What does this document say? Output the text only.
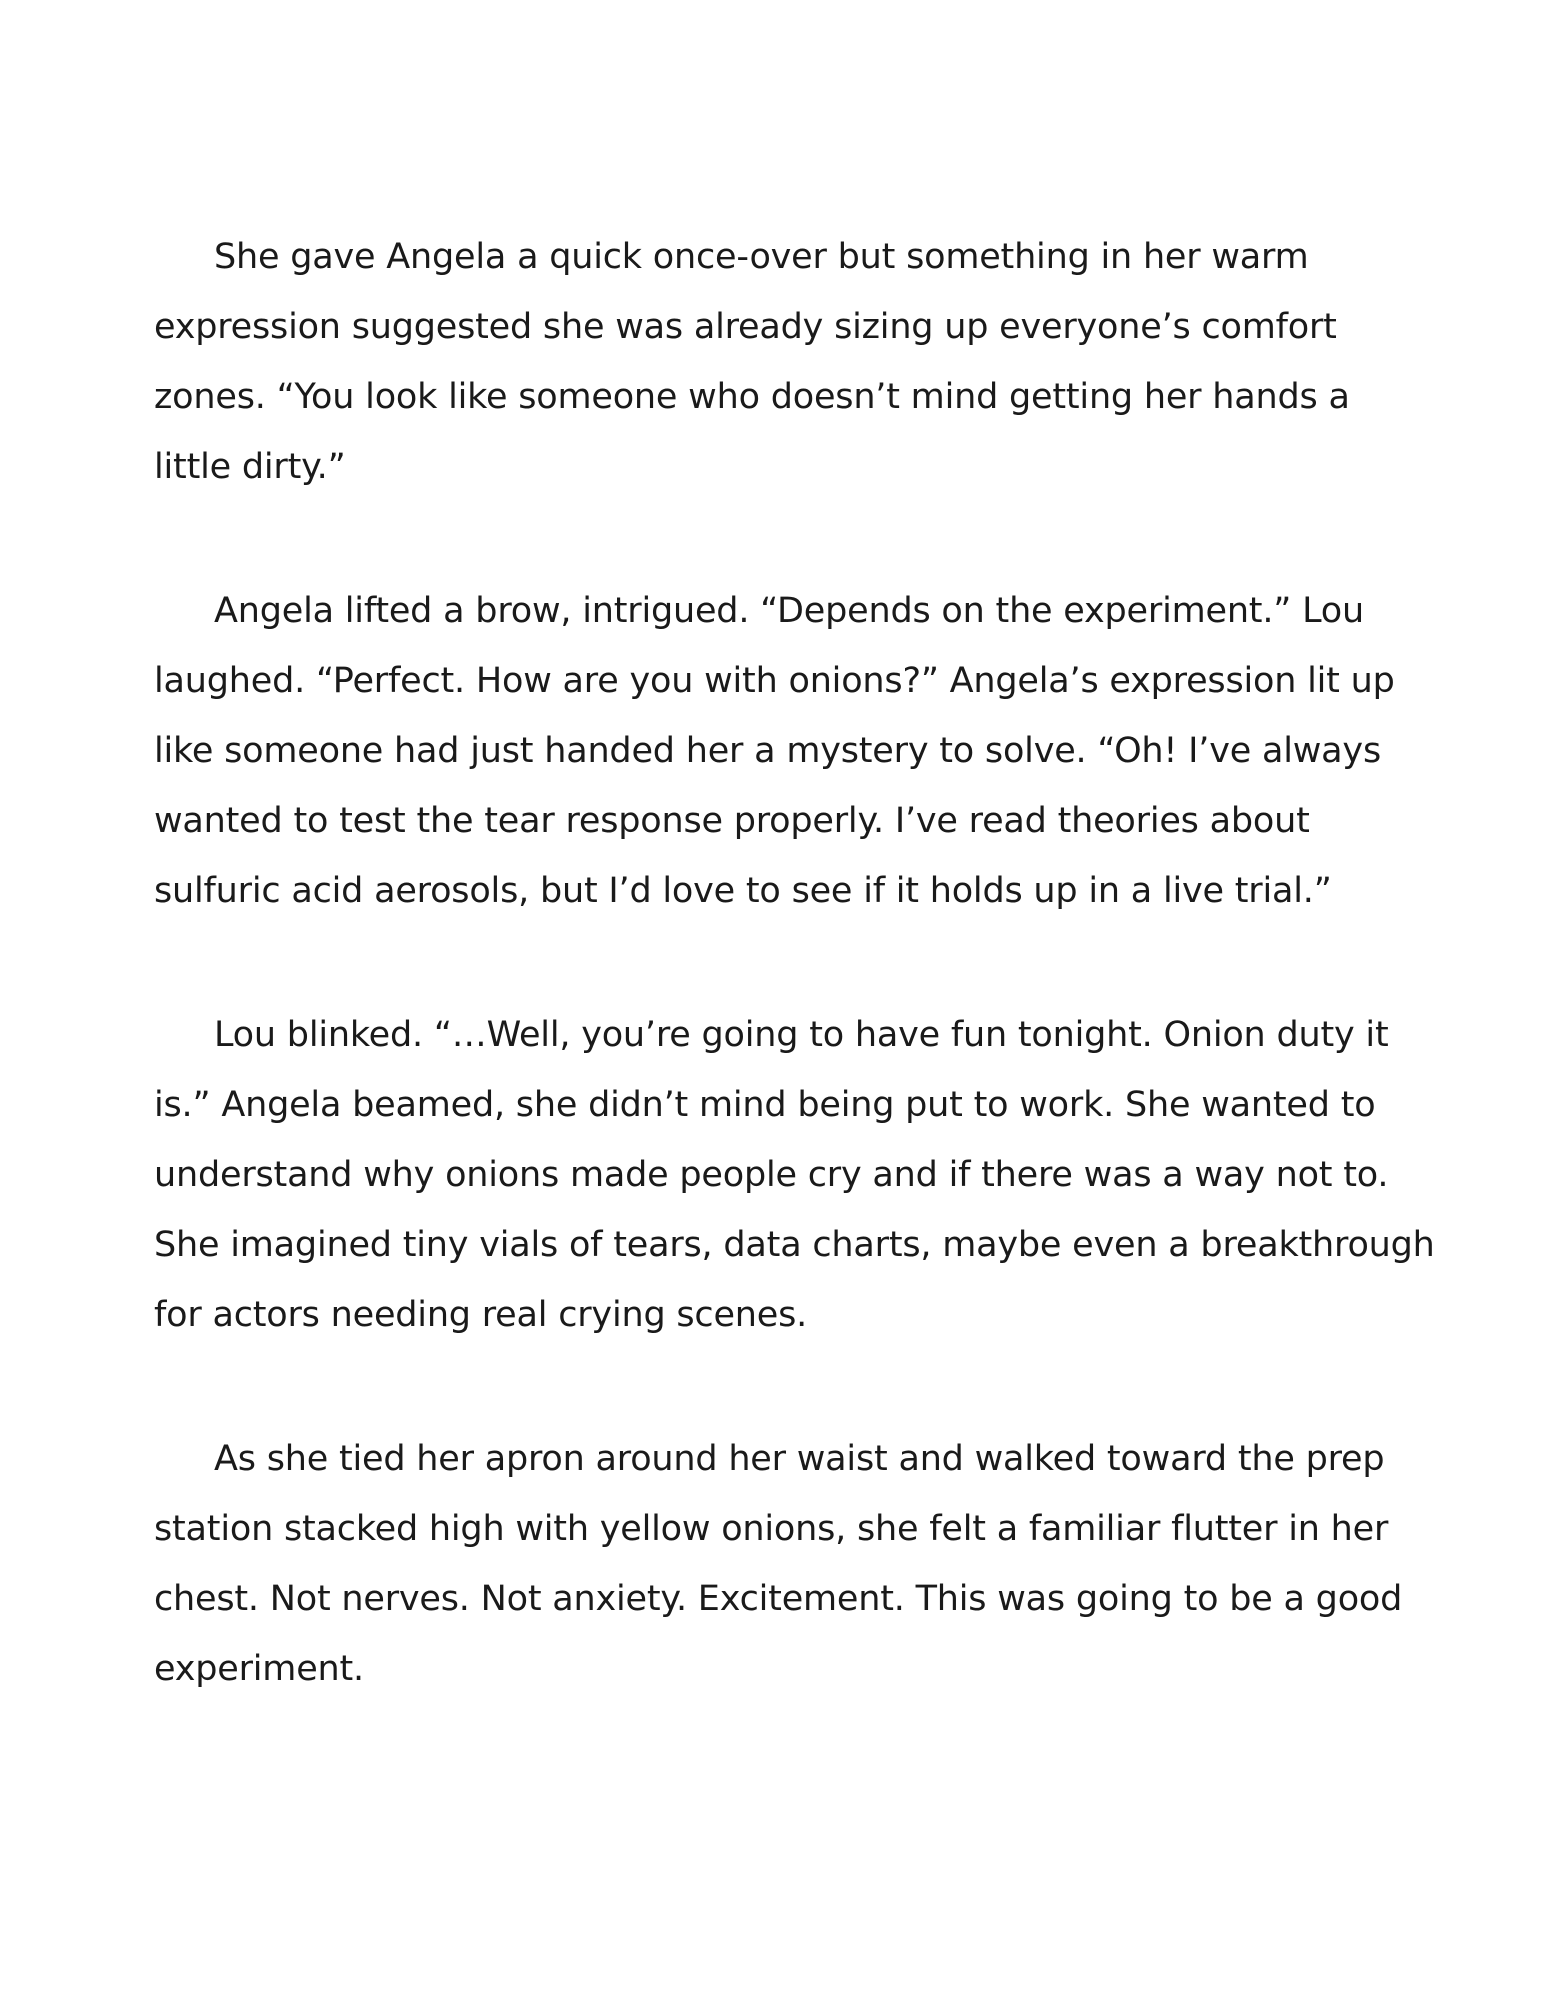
She gave Angela a quick once-over but something in her warm
expression suggested she was already sizing up everyone’s comfort
zones. “You look like someone who doesn’t mind getting her hands a
little dirty.”
Angela lifted a brow, intrigued. “Depends on the experiment.” Lou
laughed. “Perfect. How are you with onions?” Angela’s expression lit up
like someone had just handed her a mystery to solve. “Oh! I’ve always
wanted to test the tear response properly. I’ve read theories about
sulfuric acid aerosols, but I’d love to see if it holds up in a live trial.”
Lou blinked. “…Well, you’re going to have fun tonight. Onion duty it
is.” Angela beamed, she didn’t mind being put to work. She wanted to
understand why onions made people cry and if there was a way not to.
She imagined tiny vials of tears, data charts, maybe even a breakthrough
for actors needing real crying scenes.
As she tied her apron around her waist and walked toward the prep
station stacked high with yellow onions, she felt a familiar flutter in her
chest. Not nerves. Not anxiety. Excitement. This was going to be a good
experiment.
